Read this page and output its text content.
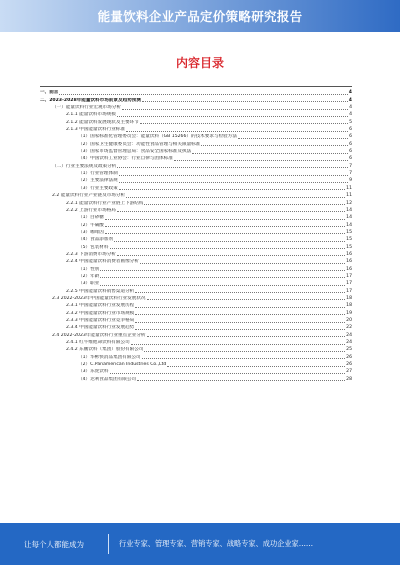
能量饮料企业产品定价策略研究报告
内容目录
一、前言	4
二、2023-2028年能量饮料市场前景及趋势预测	4
（一）能量饮料行业宏观市场分析	4
2.1.1 能量饮料市场规模	4
2.1.2 能量饮料发展现状及主要环节	5
2.1.3 中国能量饮料行业标准	6
（1）国家标准化管理委员会：能量饮料（GB 15266）的技术要求与检验方法	6
（2）国家卫生健康委员会：功能性食品管理与相关限量标准	6
（3）国家市场监督管理总局：食品安全国家标准及执法	6
（4）中国饮料工业协会：行业自律与团体标准	6
（二）行业主要法规及政策分析	7
（1）行业管理体制	7
（2）主要法律法规	9
（3）行业主要政策	11
2.2 能量饮料行业产业链及市场分析	11
2.2.1 能量饮料行业产业链上下游结构	12
2.2.2 上游行业市场格局	14
（1）白砂糖	14
（2）牛磺酸	14
（3）咖啡因	15
（4）食品添加剂	15
（5）包装材料	15
2.2.3 下游消费市场分析	16
2.2.4 中国能量饮料消费者画像分析	16
（1）性别	16
（2）年龄	17
（3）职业	17
2.2.5 中国能量饮料销售渠道分析	17
2.3 2022-2023年中国能量饮料行业发展状况	18
2.3.1 中国能量饮料行业发展历程	18
2.3.2 中国能量饮料行业市场规模	19
2.3.3 中国能量饮料行业竞争格局	20
2.3.4 中国能量饮料行业发展趋势	22
2.4 2022-2023年能量饮料行业重点企业分析	24
2.4.1 红牛维他命饮料有限公司	24
2.4.2 东鹏饮料（集团）股份有限公司	25
（1）华彬快消品集团有限公司	26
（2）C.Panamerican Industries Co.,Ltd	26
（3）乐虎饮料	27
（4）达利食品集团有限公司	28
让每个人都能成为	行业专家、管理专家、营销专家、战略专家、成功企业家……
